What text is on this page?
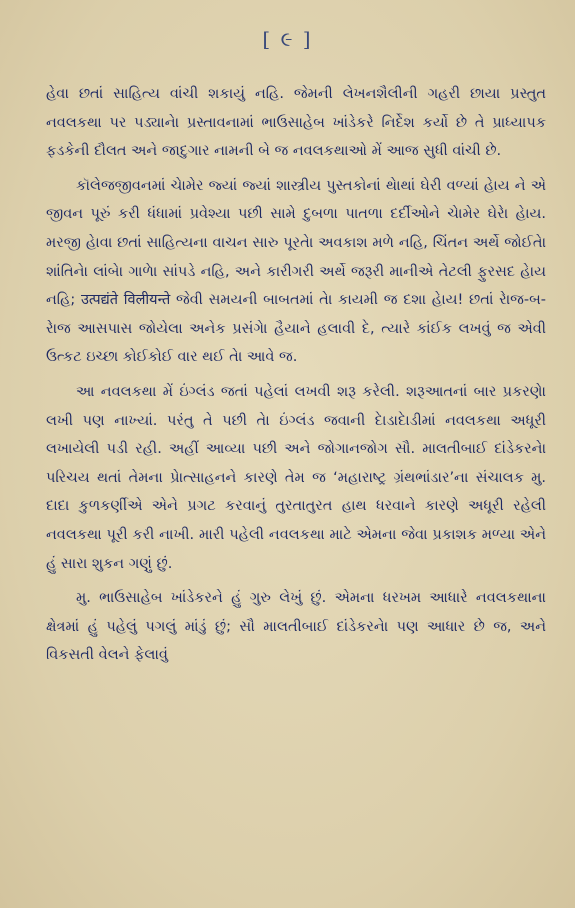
[ ૯ ]

હેવા છતાં સાહિત્ય વાંચી શકાયું નહિ. જેમની લેખનશૈલીની ગહરી છાયા પ્રસ્તુત નવલકથા પર પડ્યાનેા પ્રસ્તાવનામાં ભાઉસાહેબ ખાંડેકરે નિર્દેશ કર્યો છે તે પ્રાધ્યાપક ફડકેની દૌલત અને જાદુગાર નામની બે જ નવલકથાઓ મેં આજ સુધી વાંચી છે.

કૉલેજજીવનમાં ચેામેર જ્યાં જ્યાં શાસ્ત્રીય પુસ્તકોનાં થેાથાં ઘેરી વળ્યાં હેાય ને એ જીવન પૂરું કરી ધંધામાં પ્રવેશ્યા પછી સામે દુબળા પાતળા દર્દીઓને ચેામેર ઘેરેા હેાય. મરજી હેાવા છતાં સાહિત્યના વાચન સારુ પૂરતેા અવકાશ મળે નહિ, ચિંતન અર્થે જોઈતેા શાંતિનેા લાંબેા ગાળેા સાંપડે નહિ, અને કારીગરી અર્થે જરૂરી માનીએ તેટલી ફુરસદ હેાય નહિ; उत्पद्यंते विलीयन्ते જેવી સમયની બાબતમાં તેા કાયમી જ દશા હેાય! છતાં રેાજ-બ-રેાજ આસપાસ જોયેલા અનેક પ્રસંગેા હૈયાને હલાવી દે, ત્યારે કાંઈક લખવું જ એવી ઉત્કટ ઇચ્છા કોઈકોઈ વાર થઈ તેા આવે જ.

આ નવલકથા મેં ઇંગ્લંડ જતાં પહેલાં લખવી શરૂ કરેલી. શરૂઆતનાં બાર પ્રકરણેા લખી પણ નાખ્યાં. પરંતુ તે પછી તેા ઇંગ્લંડ જવાની દેાડાદેાડીમાં નવલકથા અધૂરી લખાયેલી પડી રહી. અહીં આવ્યા પછી અને જોગાનજોગ સૌ. માલતીબાઈ દાંડેકરનેા પરિચય થતાં તેમના પ્રેાત્સાહનને કારણે તેમ જ ‘મહારાષ્ટ્ર ગ્રંથભાંડાર’ના સંચાલક મુ. દાદા કુળકર્ણીએ એને પ્રગટ કરવાનું તુરતાતુરત હાથ ધરવાને કારણે અધૂરી રહેલી નવલકથા પૂરી કરી નાખી. મારી પહેલી નવલકથા માટે એમના જેવા પ્રકાશક મળ્યા એને હું સારા શુકન ગણું છું.

મુ. ભાઉસાહેબ ખાંડેકરને હું ગુરુ લેખું છું. એમના ધરખમ આધારે નવલકથાના ક્ષેત્રમાં હું પહેલું પગલું માંડું છું; સૌ માલતીબાઈ દાંડેકરનેા પણ આધાર છે જ, અને વિકસતી વેલને ફેલાવું
